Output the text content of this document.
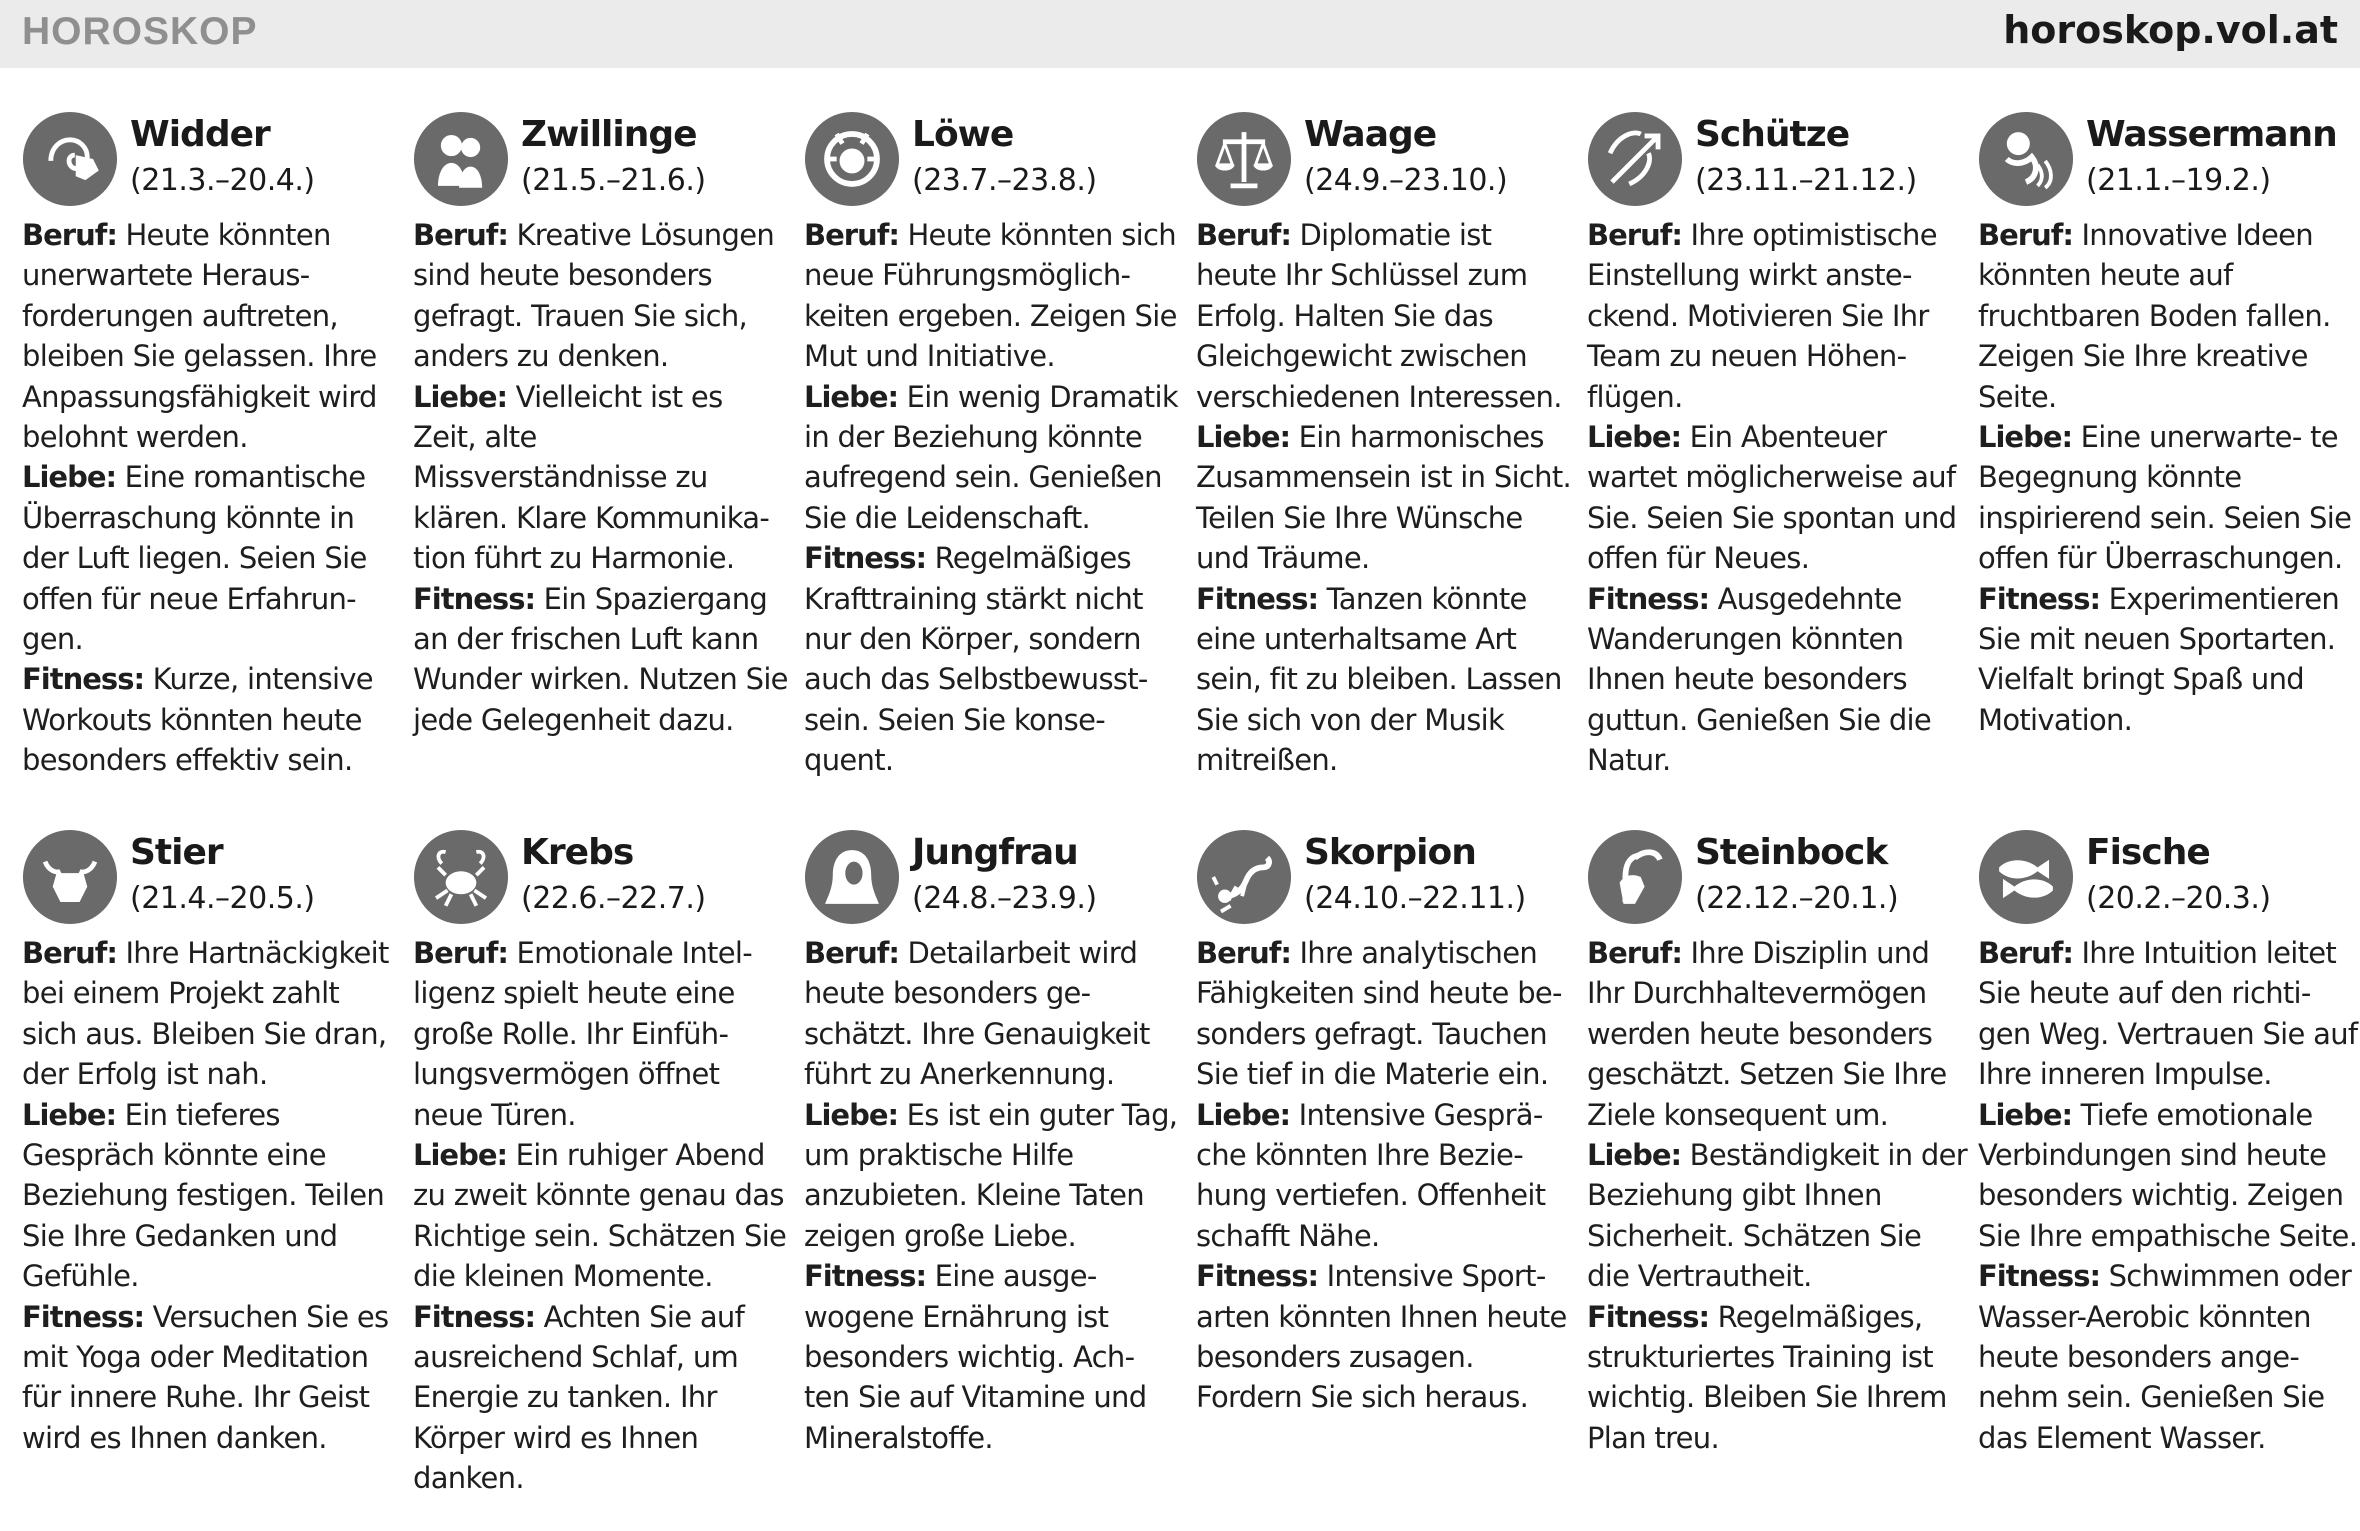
HOROSKOP	horoskop.vol.at
Widder
(21.3.–20.4.)

Beruf: Heute könnten unerwartete Heraus- forderungen auftreten, bleiben Sie gelassen. Ihre Anpassungsfähigkeit wird belohnt werden.

Liebe: Eine romantische Überraschung könnte in der Luft liegen. Seien Sie offen für neue Erfahrun- gen.

Fitness: Kurze, intensive Workouts könnten heute besonders effektiv sein.

Zwillinge
(21.5.–21.6.)

Beruf: Kreative Lösungen sind heute besonders gefragt. Trauen Sie sich, anders zu denken.

Liebe: Vielleicht ist es Zeit, alte Missverständnisse zu klären. Klare Kommunika- tion führt zu Harmonie.

Fitness: Ein Spaziergang an der frischen Luft kann Wunder wirken. Nutzen Sie jede Gelegenheit dazu.

Löwe
(23.7.–23.8.)

Beruf: Heute könnten sich neue Führungsmöglich- keiten ergeben. Zeigen Sie Mut und Initiative.

Liebe: Ein wenig Dramatik in der Beziehung könnte aufregend sein. Genießen Sie die Leidenschaft.

Fitness: Regelmäßiges Krafttraining stärkt nicht nur den Körper, sondern auch das Selbstbewusst- sein. Seien Sie konse- quent.

Waage
(24.9.–23.10.)

Beruf: Diplomatie ist heute Ihr Schlüssel zum Erfolg. Halten Sie das Gleichgewicht zwischen verschiedenen Interessen.

Liebe: Ein harmonisches Zusammensein ist in Sicht. Teilen Sie Ihre Wünsche und Träume.

Fitness: Tanzen könnte eine unterhaltsame Art sein, fit zu bleiben. Lassen Sie sich von der Musik mitreißen.

Schütze
(23.11.–21.12.)

Beruf: Ihre optimistische Einstellung wirkt anste- ckend. Motivieren Sie Ihr Team zu neuen Höhen- flügen.

Liebe: Ein Abenteuer wartet möglicherweise auf Sie. Seien Sie spontan und offen für Neues.

Fitness: Ausgedehnte Wanderungen könnten Ihnen heute besonders guttun. Genießen Sie die Natur.

Wassermann
(21.1.–19.2.)

Beruf: Innovative Ideen könnten heute auf fruchtbaren Boden fallen. Zeigen Sie Ihre kreative Seite.

Liebe: Eine unerwarte- te Begegnung könnte inspirierend sein. Seien Sie offen für Überraschungen.

Fitness: Experimentieren Sie mit neuen Sportarten. Vielfalt bringt Spaß und Motivation.

Stier
(21.4.–20.5.)

Beruf: Ihre Hartnäckigkeit bei einem Projekt zahlt sich aus. Bleiben Sie dran, der Erfolg ist nah.

Liebe: Ein tieferes Gespräch könnte eine Beziehung festigen. Teilen Sie Ihre Gedanken und Gefühle.

Fitness: Versuchen Sie es mit Yoga oder Meditation für innere Ruhe. Ihr Geist wird es Ihnen danken.

Krebs
(22.6.–22.7.)

Beruf: Emotionale Intel- ligenz spielt heute eine große Rolle. Ihr Einfüh- lungsvermögen öffnet neue Türen.

Liebe: Ein ruhiger Abend zu zweit könnte genau das Richtige sein. Schätzen Sie die kleinen Momente.

Fitness: Achten Sie auf ausreichend Schlaf, um Energie zu tanken. Ihr Körper wird es Ihnen danken.

Jungfrau
(24.8.–23.9.)

Beruf: Detailarbeit wird heute besonders ge- schätzt. Ihre Genauigkeit führt zu Anerkennung.

Liebe: Es ist ein guter Tag, um praktische Hilfe anzubieten. Kleine Taten zeigen große Liebe.

Fitness: Eine ausge- wogene Ernährung ist besonders wichtig. Ach- ten Sie auf Vitamine und Mineralstoffe.

Skorpion
(24.10.–22.11.)

Beruf: Ihre analytischen Fähigkeiten sind heute be- sonders gefragt. Tauchen Sie tief in die Materie ein.

Liebe: Intensive Gesprä- che könnten Ihre Bezie- hung vertiefen. Offenheit schafft Nähe.

Fitness: Intensive Sport- arten könnten Ihnen heute besonders zusagen. Fordern Sie sich heraus.

Steinbock
(22.12.–20.1.)

Beruf: Ihre Disziplin und Ihr Durchhaltevermögen werden heute besonders geschätzt. Setzen Sie Ihre Ziele konsequent um.

Liebe: Beständigkeit in der Beziehung gibt Ihnen Sicherheit. Schätzen Sie die Vertrautheit.

Fitness: Regelmäßiges, strukturiertes Training ist wichtig. Bleiben Sie Ihrem Plan treu.

Fische
(20.2.–20.3.)

Beruf: Ihre Intuition leitet Sie heute auf den richti- gen Weg. Vertrauen Sie auf Ihre inneren Impulse.

Liebe: Tiefe emotionale Verbindungen sind heute besonders wichtig. Zeigen Sie Ihre empathische Seite.

Fitness: Schwimmen oder Wasser-Aerobic könnten heute besonders ange- nehm sein. Genießen Sie das Element Wasser.
